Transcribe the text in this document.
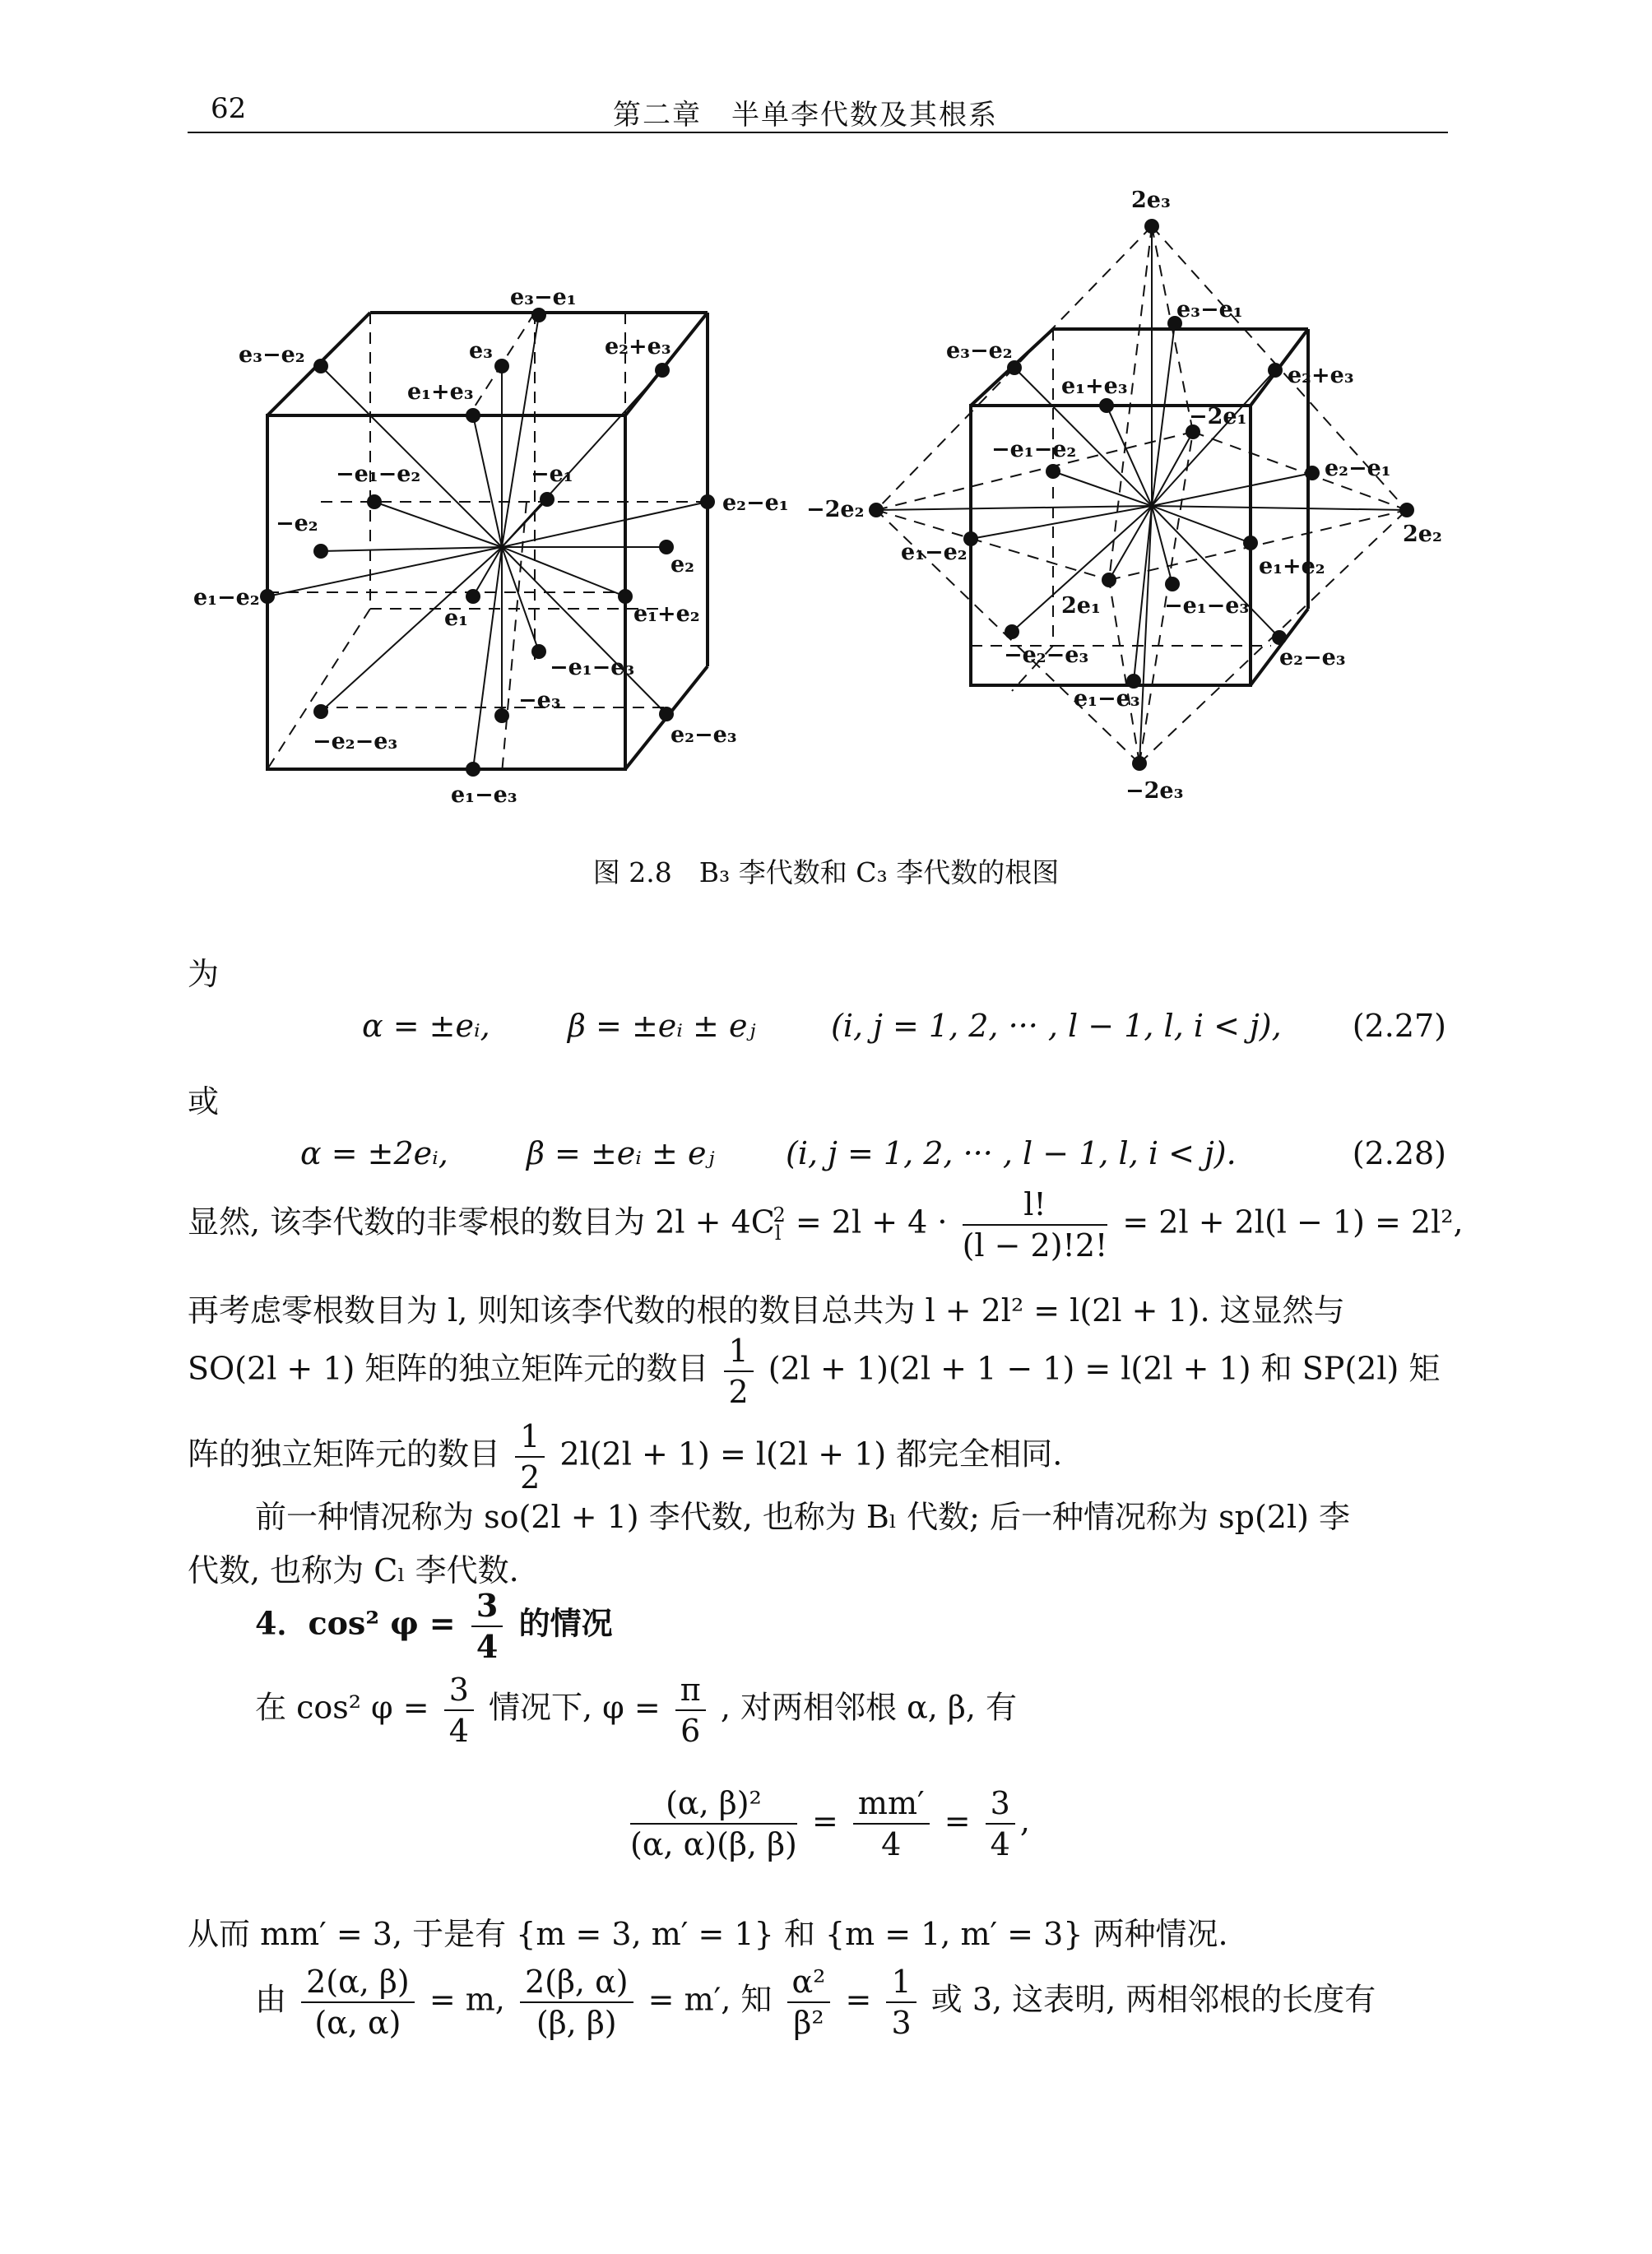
62	第二章　半单李代数及其根系
e₃−e₁
e₃−e₂	e₃	e₂+e₃
e₁+e₃
−e₁−e₂	−e₁
−e₂
e₂−e₁
e₂
e₁−e₂
e₁	e₁+e₂
−e₁−e₃
−e₃
−e₂−e₃	e₂−e₃
e₁−e₃
2e₃
e₃−e₁
e₃−e₂
e₂+e₃
e₁+e₃
−2e₁
−e₁−e₂
e₂−e₁
−2e₂
2e₂
e₁−e₂
e₁+e₂
2e₁	−e₁−e₃
−e₂−e₃	e₂−e₃
e₁−e₃
−2e₃
图 2.8　B₃ 李代数和 C₃ 李代数的根图
为
α = ±eᵢ, β = ±eᵢ ± eⱼ (i, j = 1, 2, ··· , l − 1, l, i < j), (2.27)
或
α = ±2eᵢ,	β = ±eᵢ ± eⱼ (i, j = 1, 2, ··· , l − 1, l, i < j).	(2.28)
显然, 该李代数的非零根的数目为 $2l + 4C_l^2 = 2l + 4 \cdot \frac{l!}{(l - 2)!2!} = 2l + 2l(l - 1) = 2l^2$,
再考虑零根数目为 l, 则知该李代数的根的数目总共为 l + 2l² = l(2l + 1). 这显然与
SO(2l + 1) 矩阵的独立矩阵元的数目 $\frac{1}{2} (2l + 1)(2l + 1 - 1) = l(2l + 1)$ 和 SP(2l) 矩
阵的独立矩阵元的数目 $\frac{1}{2} 2l(2l + 1) = l(2l + 1)$ 都完全相同.
前一种情况称为 so(2l + 1) 李代数, 也称为 Bₗ 代数; 后一种情况称为 sp(2l) 李
代数, 也称为 Cₗ 李代数.
4．cos² $\varphi = \frac{3}{4}$ 的情况
在 cos² $\varphi = \frac{3}{4}$ 情况下, $\varphi = \frac{\pi}{6}$ , 对两相邻根 α, β, 有
$\frac{\text{(α, β)²}}{(\alpha, \alpha)(\beta, \beta)} = \frac{mm'}{4} = \frac{3}{4}$ ,
从而 mm′ = 3, 于是有 {m = 3, m′ = 1} 和 {m = 1, m′ = 3} 两种情况.
由 $\frac{2(\alpha, \beta)}{(\alpha, \alpha)} = m$, $\frac{2(\beta, \alpha)}{(\beta, \beta)} = m'$, 知 $\frac{\text{α²}}{\text{β²}} = \frac{1}{3}$ 或 3, 这表明, 两相邻根的长度有
